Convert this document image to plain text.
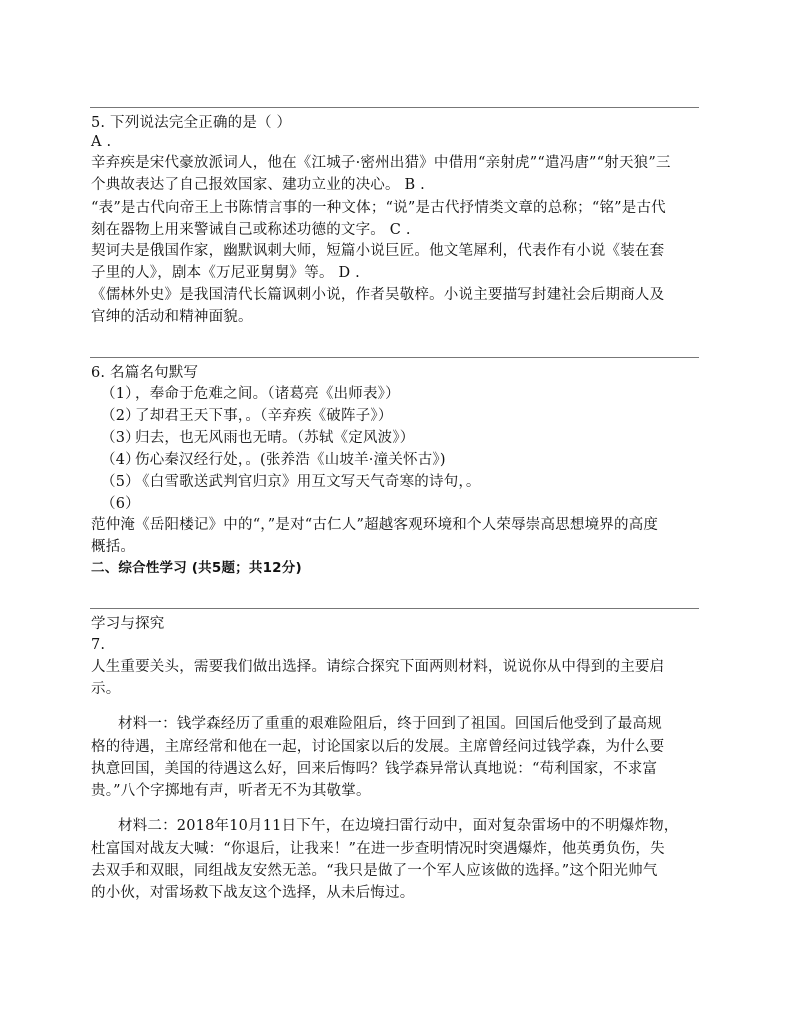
5. 下列说法完全正确的是（ ）
A .
辛弃疾是宋代豪放派词人，他在《江城子·密州出猎》中借用“亲射虎”“遣冯唐”“射天狼”三
个典故表达了自己报效国家、建功立业的决心。 B .
“表”是古代向帝王上书陈情言事的一种文体；“说”是古代抒情类文章的总称；“铭”是古代
刻在器物上用来警诫自己或称述功德的文字。 C .
契诃夫是俄国作家，幽默讽刺大师，短篇小说巨匠。他文笔犀利，代表作有小说《装在套
子里的人》，剧本《万尼亚舅舅》等。 D .
《儒林外史》是我国清代长篇讽刺小说，作者吴敬梓。小说主要描写封建社会后期商人及
官绅的活动和精神面貌。
6. 名篇名句默写
（1），奉命于危难之间。（诸葛亮《出师表》）
（2）了却君王天下事，。（辛弃疾《破阵子》）
（3）归去，也无风雨也无晴。（苏轼《定风波》）
（4）伤心秦汉经行处，。(张养浩《山坡羊·潼关怀古》)
（5）《白雪歌送武判官归京》用互文写天气奇寒的诗句，。
（6）
范仲淹《岳阳楼记》中的“，”是对“古仁人”超越客观环境和个人荣辱崇高思想境界的高度
概括。
二、综合性学习 (共5题；共12分)
学习与探究
7.
人生重要关头，需要我们做出选择。请综合探究下面两则材料，说说你从中得到的主要启
示。
材料一：钱学森经历了重重的艰难险阻后，终于回到了祖国。回国后他受到了最高规
格的待遇，主席经常和他在一起，讨论国家以后的发展。主席曾经问过钱学森，为什么要
执意回国，美国的待遇这么好，回来后悔吗？钱学森异常认真地说：“苟利国家，不求富
贵。”八个字掷地有声，听者无不为其敬掌。
材料二：2018年10月11日下午，在边境扫雷行动中，面对复杂雷场中的不明爆炸物，
杜富国对战友大喊：“你退后，让我来！”在进一步查明情况时突遇爆炸，他英勇负伤，失
去双手和双眼，同组战友安然无恙。“我只是做了一个军人应该做的选择。”这个阳光帅气
的小伙，对雷场救下战友这个选择，从未后悔过。
